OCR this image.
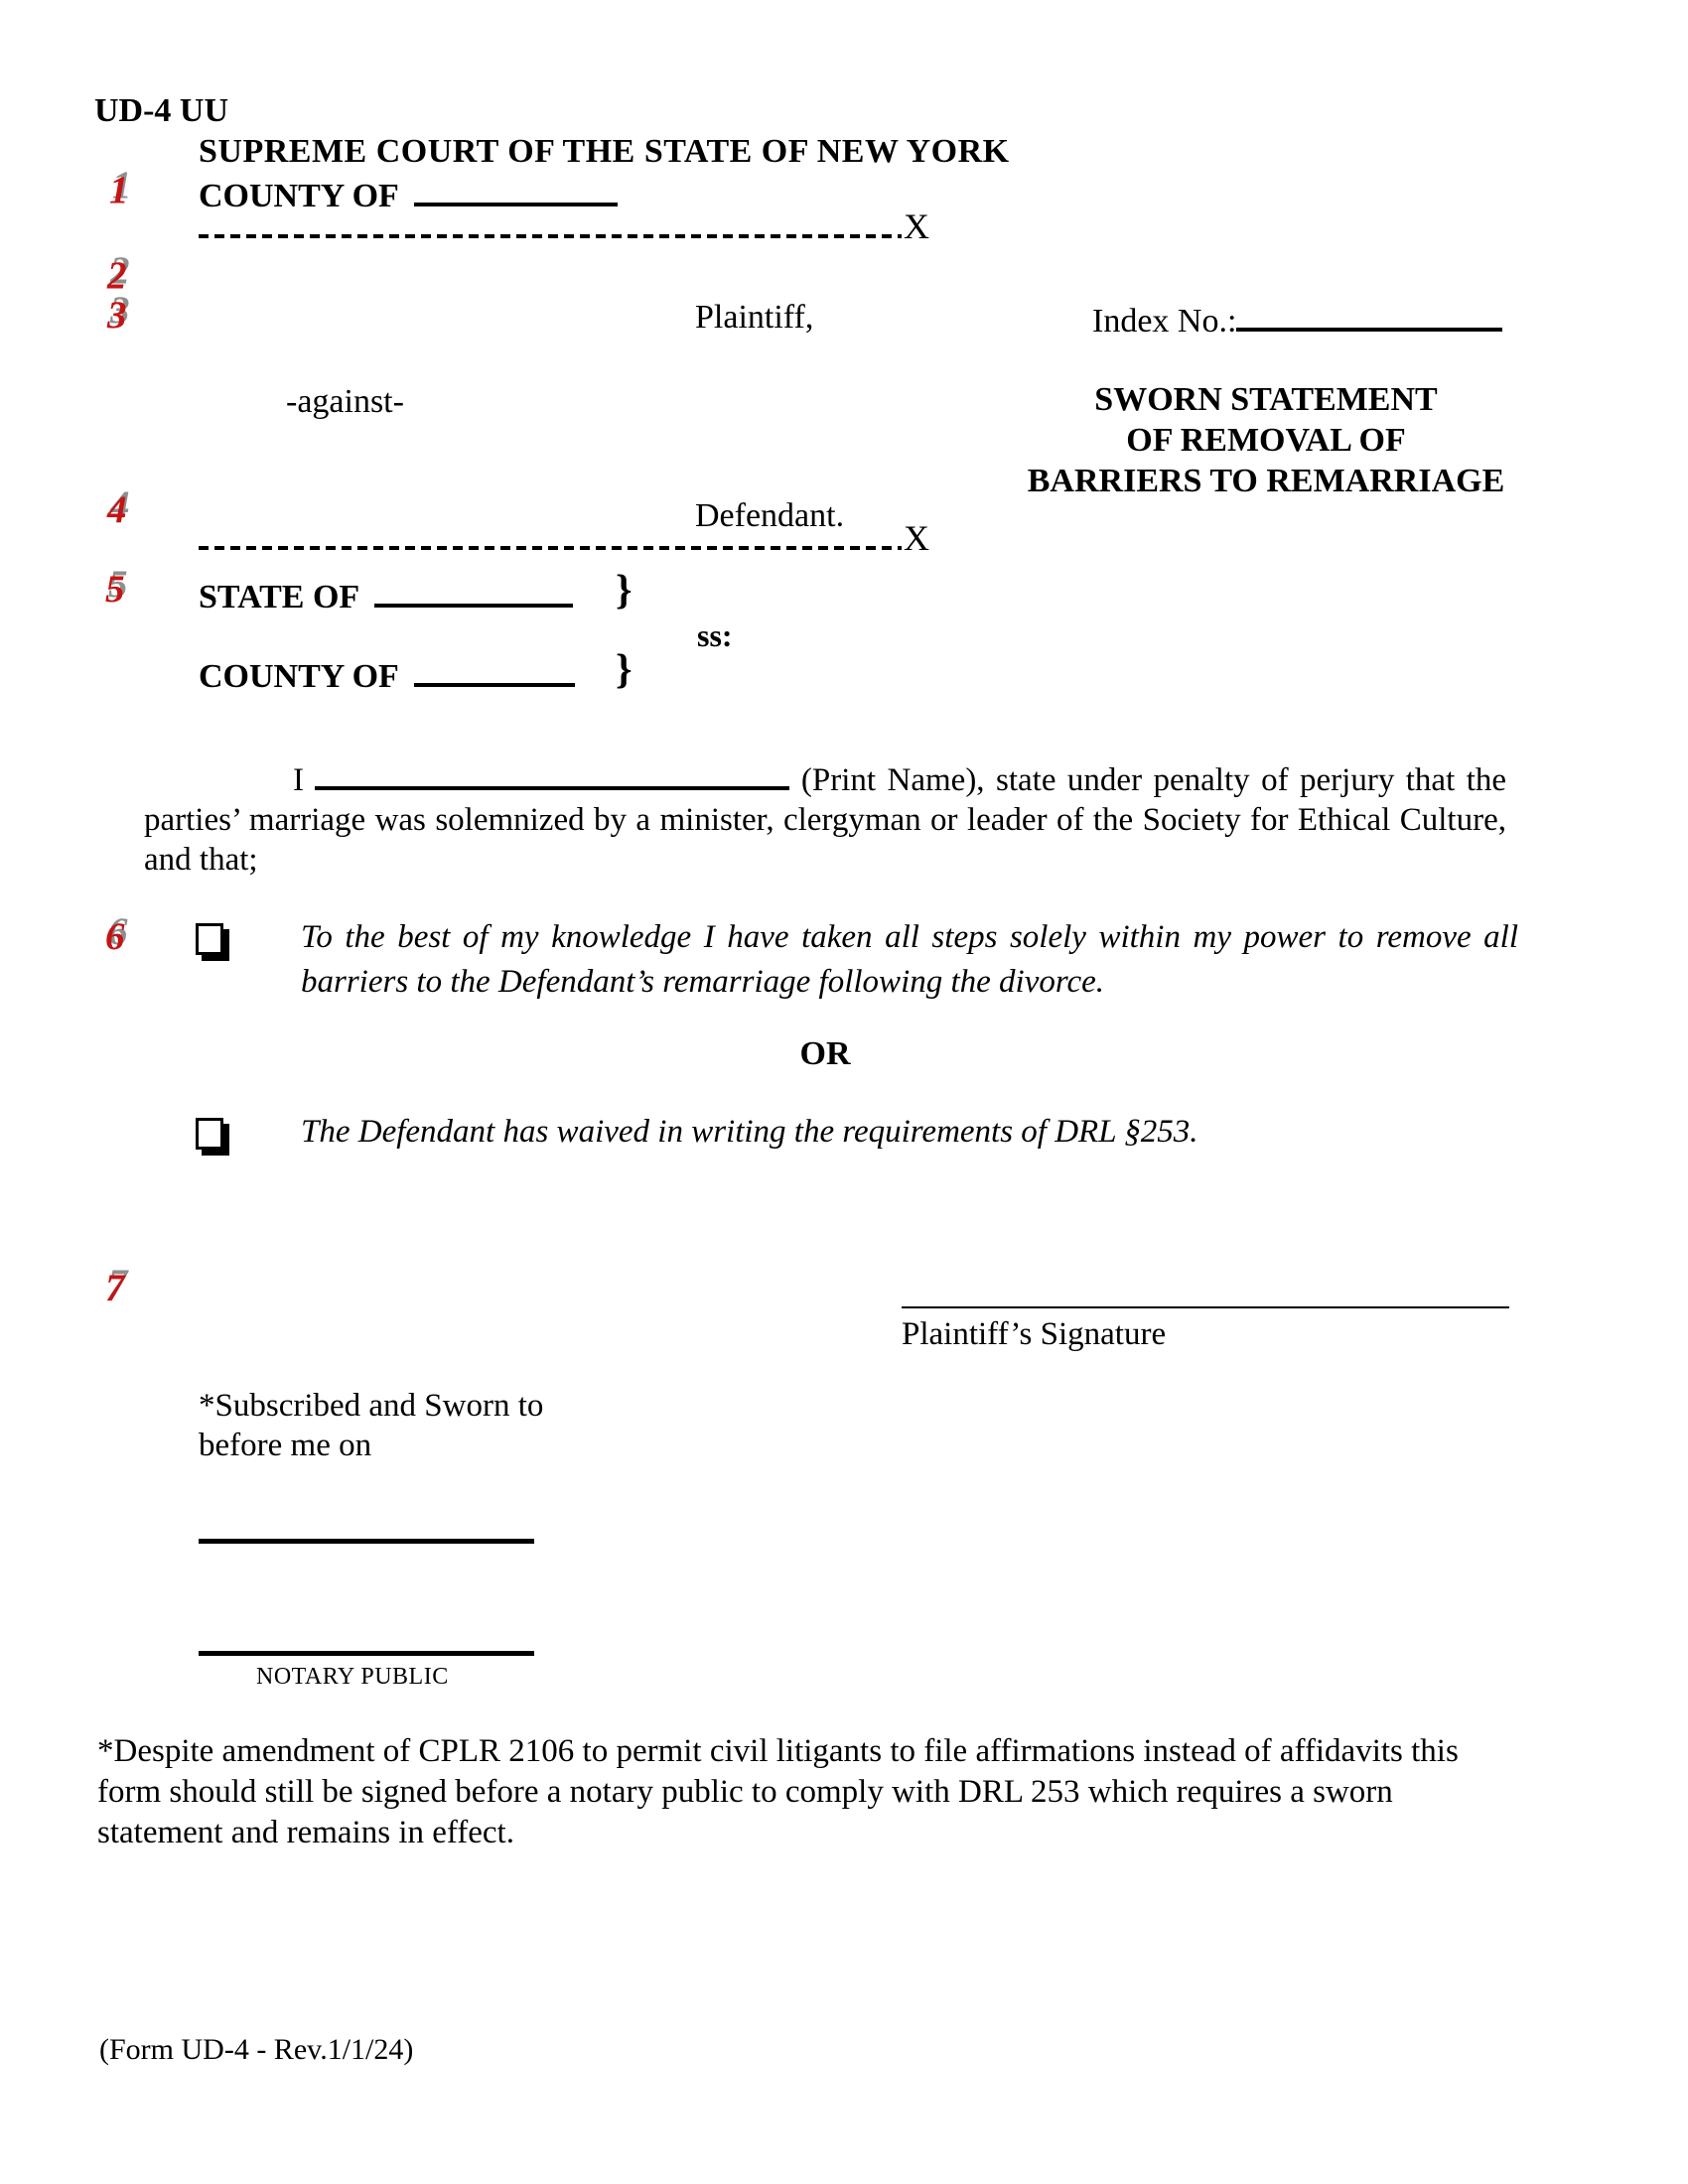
UD-4 UU
SUPREME COURT OF THE STATE OF NEW YORK
1 COUNTY OF
X
2
3	Plaintiff,	Index No.:
-against-	SWORN STATEMENT
OF REMOVAL OF
BARRIERS TO REMARRIAGE
4	Defendant.
X
5 STATE OF	}
ss:
COUNTY OF	}
I	(Print Name), state under penalty of perjury that the parties’ marriage was solemnized by a minister, clergyman or leader of the Society for Ethical Culture, and that;
6	To the best of my knowledge I have taken all steps solely within my power to remove all barriers to the Defendant’s remarriage following the divorce.
OR
The Defendant has waived in writing the requirements of DRL §253.
7
Plaintiff’s Signature
*Subscribed and Sworn to
before me on
NOTARY PUBLIC
*Despite amendment of CPLR 2106 to permit civil litigants to file affirmations instead of affidavits this form should still be signed before a notary public to comply with DRL 253 which requires a sworn statement and remains in effect.
(Form UD-4 - Rev.1/1/24)
